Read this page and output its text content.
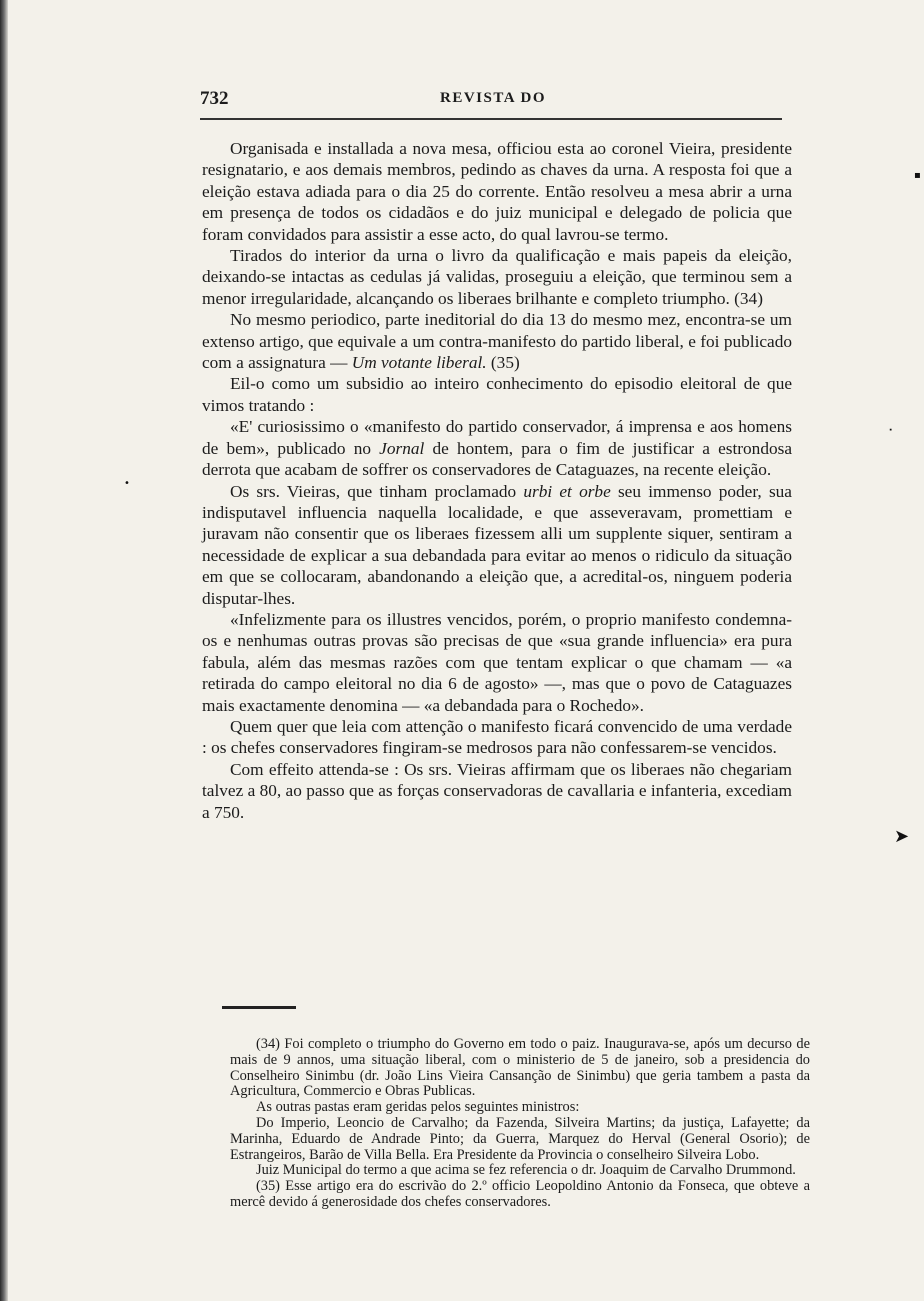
732	REVISTA DO

Organisada e installada a nova mesa, officiou esta ao coronel Vieira, presidente resignatario, e aos demais membros, pedindo as chaves da urna. A resposta foi que a eleição estava adiada para o dia 25 do corrente. Então resolveu a mesa abrir a urna em presença de todos os cidadãos e do juiz municipal e delegado de policia que foram convidados para assistir a esse acto, do qual lavrou-se termo.

Tirados do interior da urna o livro da qualificação e mais papeis da eleição, deixando-se intactas as cedulas já validas, proseguiu a eleição, que terminou sem a menor irregularidade, alcançando os liberaes brilhante e completo triumpho. (34)

No mesmo periodico, parte ineditorial do dia 13 do mesmo mez, encontra-se um extenso artigo, que equivale a um contra-manifesto do partido liberal, e foi publicado com a assignatura — Um votante liberal. (35)

Eil-o como um subsidio ao inteiro conhecimento do episodio eleitoral de que vimos tratando :

«E' curiosissimo o «manifesto do partido conservador, á imprensa e aos homens de bem», publicado no Jornal de hontem, para o fim de justificar a estrondosa derrota que acabam de soffrer os conservadores de Cataguazes, na recente eleição.

Os srs. Vieiras, que tinham proclamado urbi et orbe seu immenso poder, sua indisputavel influencia naquella localidade, e que asseveravam, promettiam e juravam não consentir que os liberaes fizessem alli um supplente siquer, sentiram a necessidade de explicar a sua debandada para evitar ao menos o ridiculo da situação em que se collocaram, abandonando a eleição que, a acredital-os, ninguem poderia disputar-lhes.

«Infelizmente para os illustres vencidos, porém, o proprio manifesto condemna-os e nenhumas outras provas são precisas de que «sua grande influencia» era pura fabula, além das mesmas razões com que tentam explicar o que chamam — «a retirada do campo eleitoral no dia 6 de agosto» —, mas que o povo de Cataguazes mais exactamente denomina — «a debandada para o Rochedo».

Quem quer que leia com attenção o manifesto ficará convencido de uma verdade : os chefes conservadores fingiram-se medrosos para não confessarem-se vencidos.

Com effeito attenda-se : Os srs. Vieiras affirmam que os liberaes não chegariam talvez a 80, ao passo que as forças conservadoras de cavallaria e infanteria, excediam a 750.

(34) Foi completo o triumpho do Governo em todo o paiz. Inaugurava-se, após um decurso de mais de 9 annos, uma situação liberal, com o ministerio de 5 de janeiro, sob a presidencia do Conselheiro Sinimbu (dr. João Lins Vieira Cansanção de Sinimbu) que geria tambem a pasta da Agricultura, Commercio e Obras Publicas.

As outras pastas eram geridas pelos seguintes ministros:

Do Imperio, Leoncio de Carvalho; da Fazenda, Silveira Martins; da justiça, Lafayette; da Marinha, Eduardo de Andrade Pinto; da Guerra, Marquez do Herval (General Osorio); de Estrangeiros, Barão de Villa Bella. Era Presidente da Provincia o conselheiro Silveira Lobo.

Juiz Municipal do termo a que acima se fez referencia o dr. Joaquim de Carvalho Drummond.

(35) Esse artigo era do escrivão do 2.º officio Leopoldino Antonio da Fonseca, que obteve a mercê devido á generosidade dos chefes conservadores.

ᐧ
➤
•
▪
